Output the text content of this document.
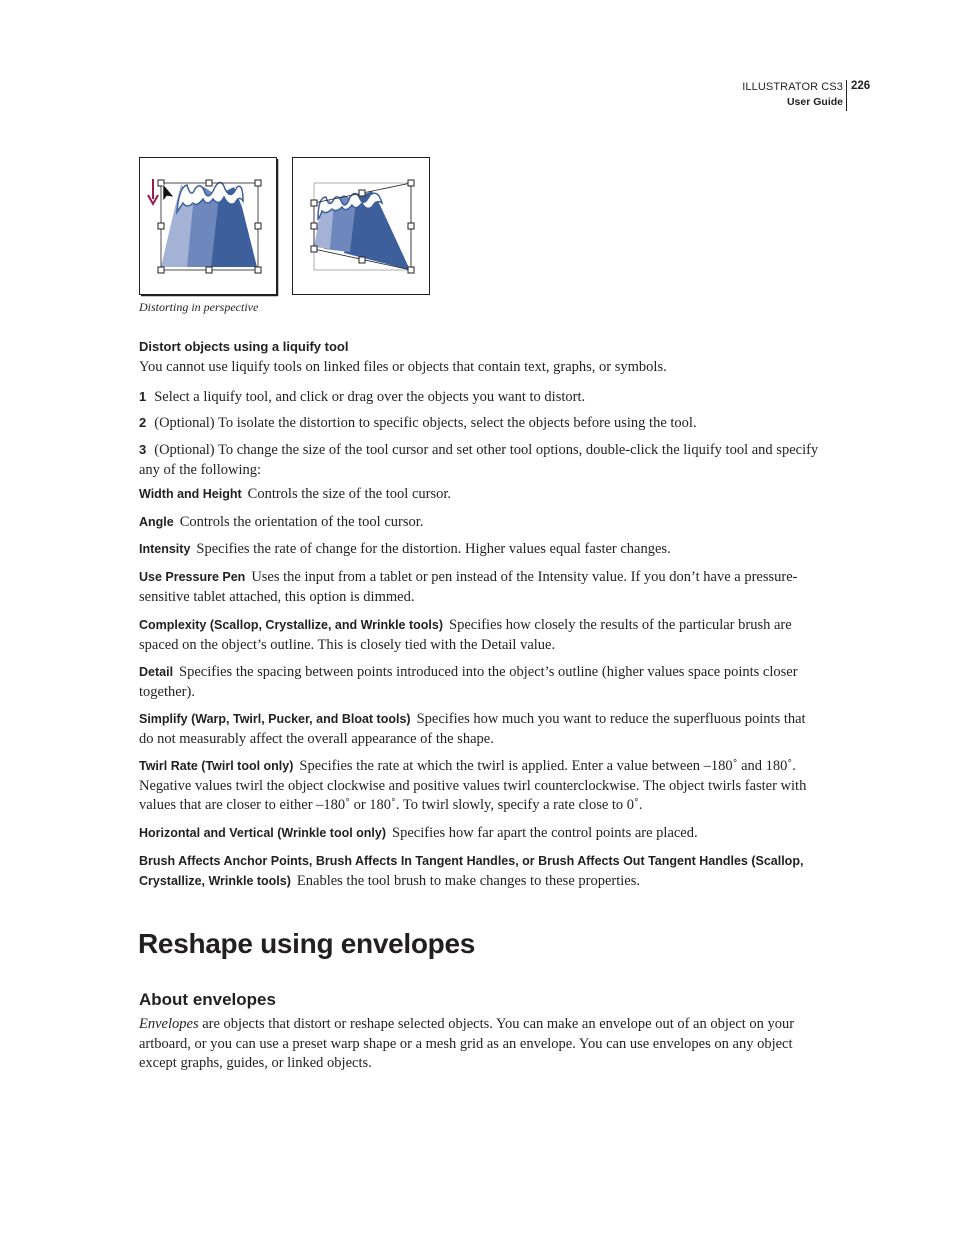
ILLUSTRATOR CS3
User Guide
226
Distorting in perspective
Distort objects using a liquify tool
You cannot use liquify tools on linked files or objects that contain text, graphs, or symbols.
1 Select a liquify tool, and click or drag over the objects you want to distort.
2 (Optional) To isolate the distortion to specific objects, select the objects before using the tool.
3 (Optional) To change the size of the tool cursor and set other tool options, double-click the liquify tool and specify any of the following:
Width and Height Controls the size of the tool cursor.
Angle Controls the orientation of the tool cursor.
Intensity Specifies the rate of change for the distortion. Higher values equal faster changes.
Use Pressure Pen Uses the input from a tablet or pen instead of the Intensity value. If you don’t have a pressure-sensitive tablet attached, this option is dimmed.
Complexity (Scallop, Crystallize, and Wrinkle tools) Specifies how closely the results of the particular brush are spaced on the object’s outline. This is closely tied with the Detail value.
Detail Specifies the spacing between points introduced into the object’s outline (higher values space points closer together).
Simplify (Warp, Twirl, Pucker, and Bloat tools) Specifies how much you want to reduce the superfluous points that do not measurably affect the overall appearance of the shape.
Twirl Rate (Twirl tool only) Specifies the rate at which the twirl is applied. Enter a value between –180˚ and 180˚. Negative values twirl the object clockwise and positive values twirl counterclockwise. The object twirls faster with values that are closer to either –180˚ or 180˚. To twirl slowly, specify a rate close to 0˚.
Horizontal and Vertical (Wrinkle tool only) Specifies how far apart the control points are placed.
Brush Affects Anchor Points, Brush Affects In Tangent Handles, or Brush Affects Out Tangent Handles (Scallop, Crystallize, Wrinkle tools) Enables the tool brush to make changes to these properties.
Reshape using envelopes
About envelopes
Envelopes are objects that distort or reshape selected objects. You can make an envelope out of an object on your artboard, or you can use a preset warp shape or a mesh grid as an envelope. You can use envelopes on any object except graphs, guides, or linked objects.
